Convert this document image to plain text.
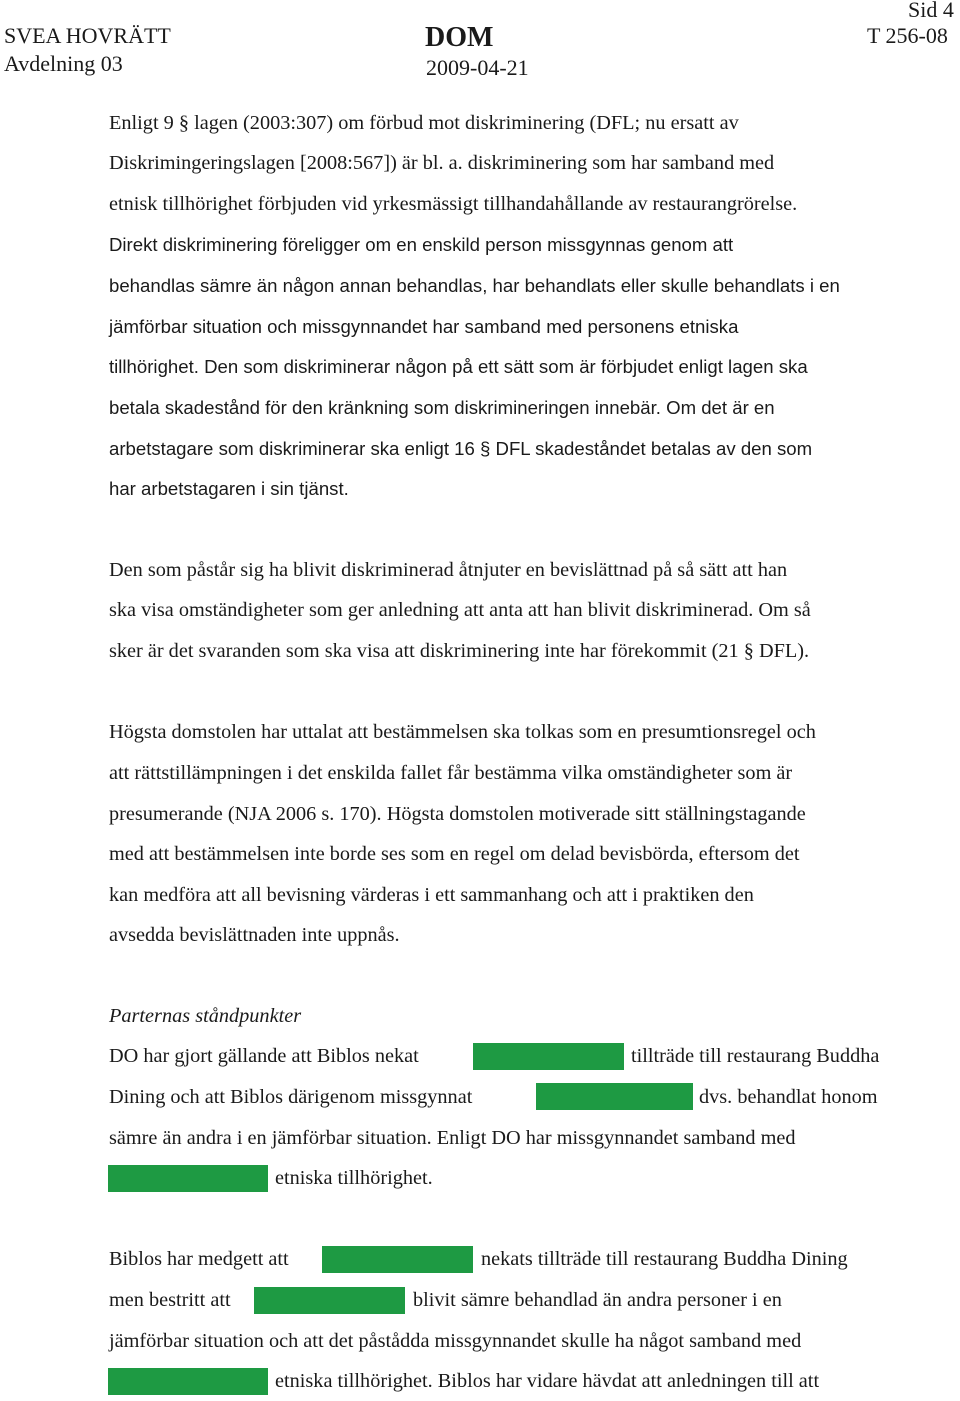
SVEA HOVRÄTT
Avdelning 03
DOM
2009-04-21
Sid 4
T 256-08

Enligt 9 § lagen (2003:307) om förbud mot diskriminering (DFL; nu ersatt av

Diskrimingeringslagen [2008:567]) är bl. a. diskriminering som har samband med

etnisk tillhörighet förbjuden vid yrkesmässigt tillhandahållande av restaurangrörelse.

Direkt diskriminering föreligger om en enskild person missgynnas genom att

behandlas sämre än någon annan behandlas, har behandlats eller skulle behandlats i en

jämförbar situation och missgynnandet har samband med personens etniska

tillhörighet. Den som diskriminerar någon på ett sätt som är förbjudet enligt lagen ska

betala skadestånd för den kränkning som diskrimineringen innebär. Om det är en

arbetstagare som diskriminerar ska enligt 16 § DFL skadeståndet betalas av den som

har arbetstagaren i sin tjänst.

Den som påstår sig ha blivit diskriminerad åtnjuter en bevislättnad på så sätt att han

ska visa omständigheter som ger anledning att anta att han blivit diskriminerad. Om så

sker är det svaranden som ska visa att diskriminering inte har förekommit (21 § DFL).

Högsta domstolen har uttalat att bestämmelsen ska tolkas som en presumtionsregel och

att rättstillämpningen i det enskilda fallet får bestämma vilka omständigheter som är

presumerande (NJA 2006 s. 170). Högsta domstolen motiverade sitt ställningstagande

med att bestämmelsen inte borde ses som en regel om delad bevisbörda, eftersom det

kan medföra att all bevisning värderas i ett sammanhang och att i praktiken den

avsedda bevislättnaden inte uppnås.

Parternas ståndpunkter

DO har gjort gällande att Biblos nekat	tillträde till restaurang Buddha

Dining och att Biblos därigenom missgynnat	dvs. behandlat honom

sämre än andra i en jämförbar situation. Enligt DO har missgynnandet samband med

etniska tillhörighet.

Biblos har medgett att	nekats tillträde till restaurang Buddha Dining

men bestritt att	blivit sämre behandlad än andra personer i en

jämförbar situation och att det påstådda missgynnandet skulle ha något samband med

etniska tillhörighet. Biblos har vidare hävdat att anledningen till att
